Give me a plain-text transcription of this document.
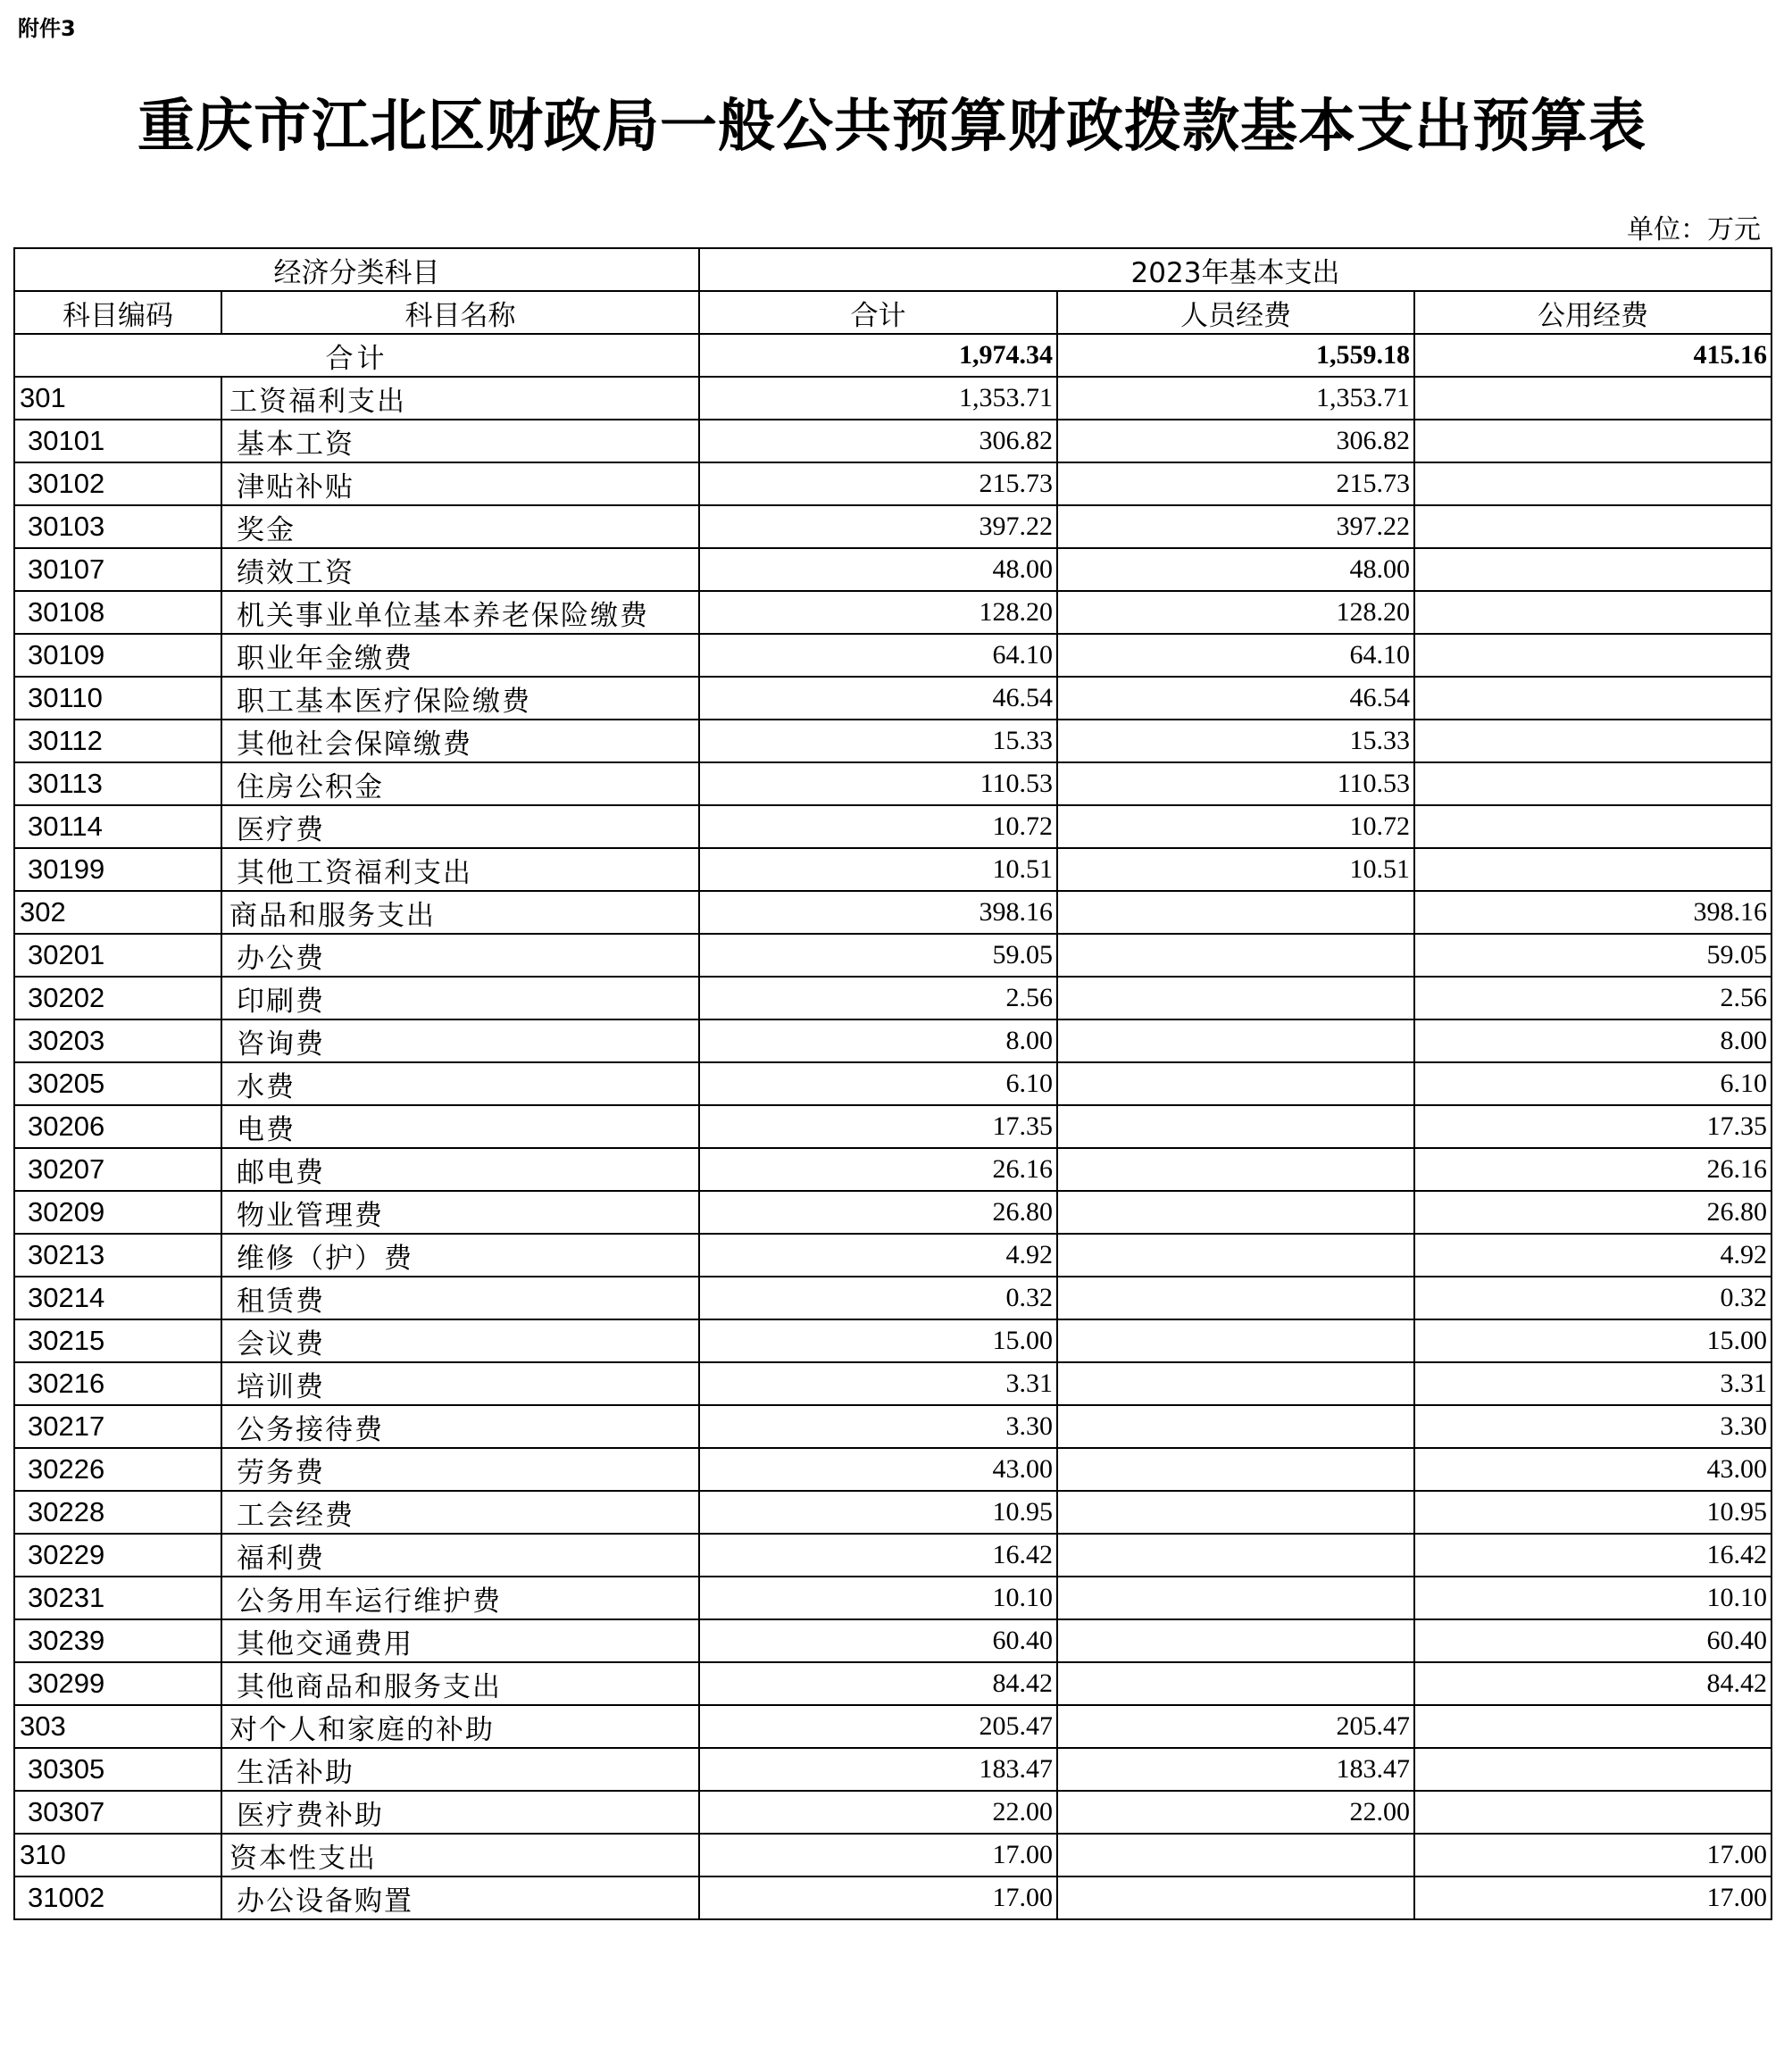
附件3
重庆市江北区财政局一般公共预算财政拨款基本支出预算表
单位：万元
经济分类科目		2023年基本支出		
科目编码	科目名称	合计	人员经费	公用经费
合计		1,974.34	1,559.18	415.16
301	工资福利支出	1,353.71	1,353.71	
30101	基本工资	306.82	306.82	
30102	津贴补贴	215.73	215.73	
30103	奖金	397.22	397.22	
30107	绩效工资	48.00	48.00	
30108	机关事业单位基本养老保险缴费	128.20	128.20	
30109	职业年金缴费	64.10	64.10	
30110	职工基本医疗保险缴费	46.54	46.54	
30112	其他社会保障缴费	15.33	15.33	
30113	住房公积金	110.53	110.53	
30114	医疗费	10.72	10.72	
30199	其他工资福利支出	10.51	10.51	
302	商品和服务支出	398.16		398.16
30201	办公费	59.05		59.05
30202	印刷费	2.56		2.56
30203	咨询费	8.00		8.00
30205	水费	6.10		6.10
30206	电费	17.35		17.35
30207	邮电费	26.16		26.16
30209	物业管理费	26.80		26.80
30213	维修（护）费	4.92		4.92
30214	租赁费	0.32		0.32
30215	会议费	15.00		15.00
30216	培训费	3.31		3.31
30217	公务接待费	3.30		3.30
30226	劳务费	43.00		43.00
30228	工会经费	10.95		10.95
30229	福利费	16.42		16.42
30231	公务用车运行维护费	10.10		10.10
30239	其他交通费用	60.40		60.40
30299	其他商品和服务支出	84.42		84.42
303	对个人和家庭的补助	205.47	205.47	
30305	生活补助	183.47	183.47	
30307	医疗费补助	22.00	22.00	
310	资本性支出	17.00		17.00
31002	办公设备购置	17.00		17.00
